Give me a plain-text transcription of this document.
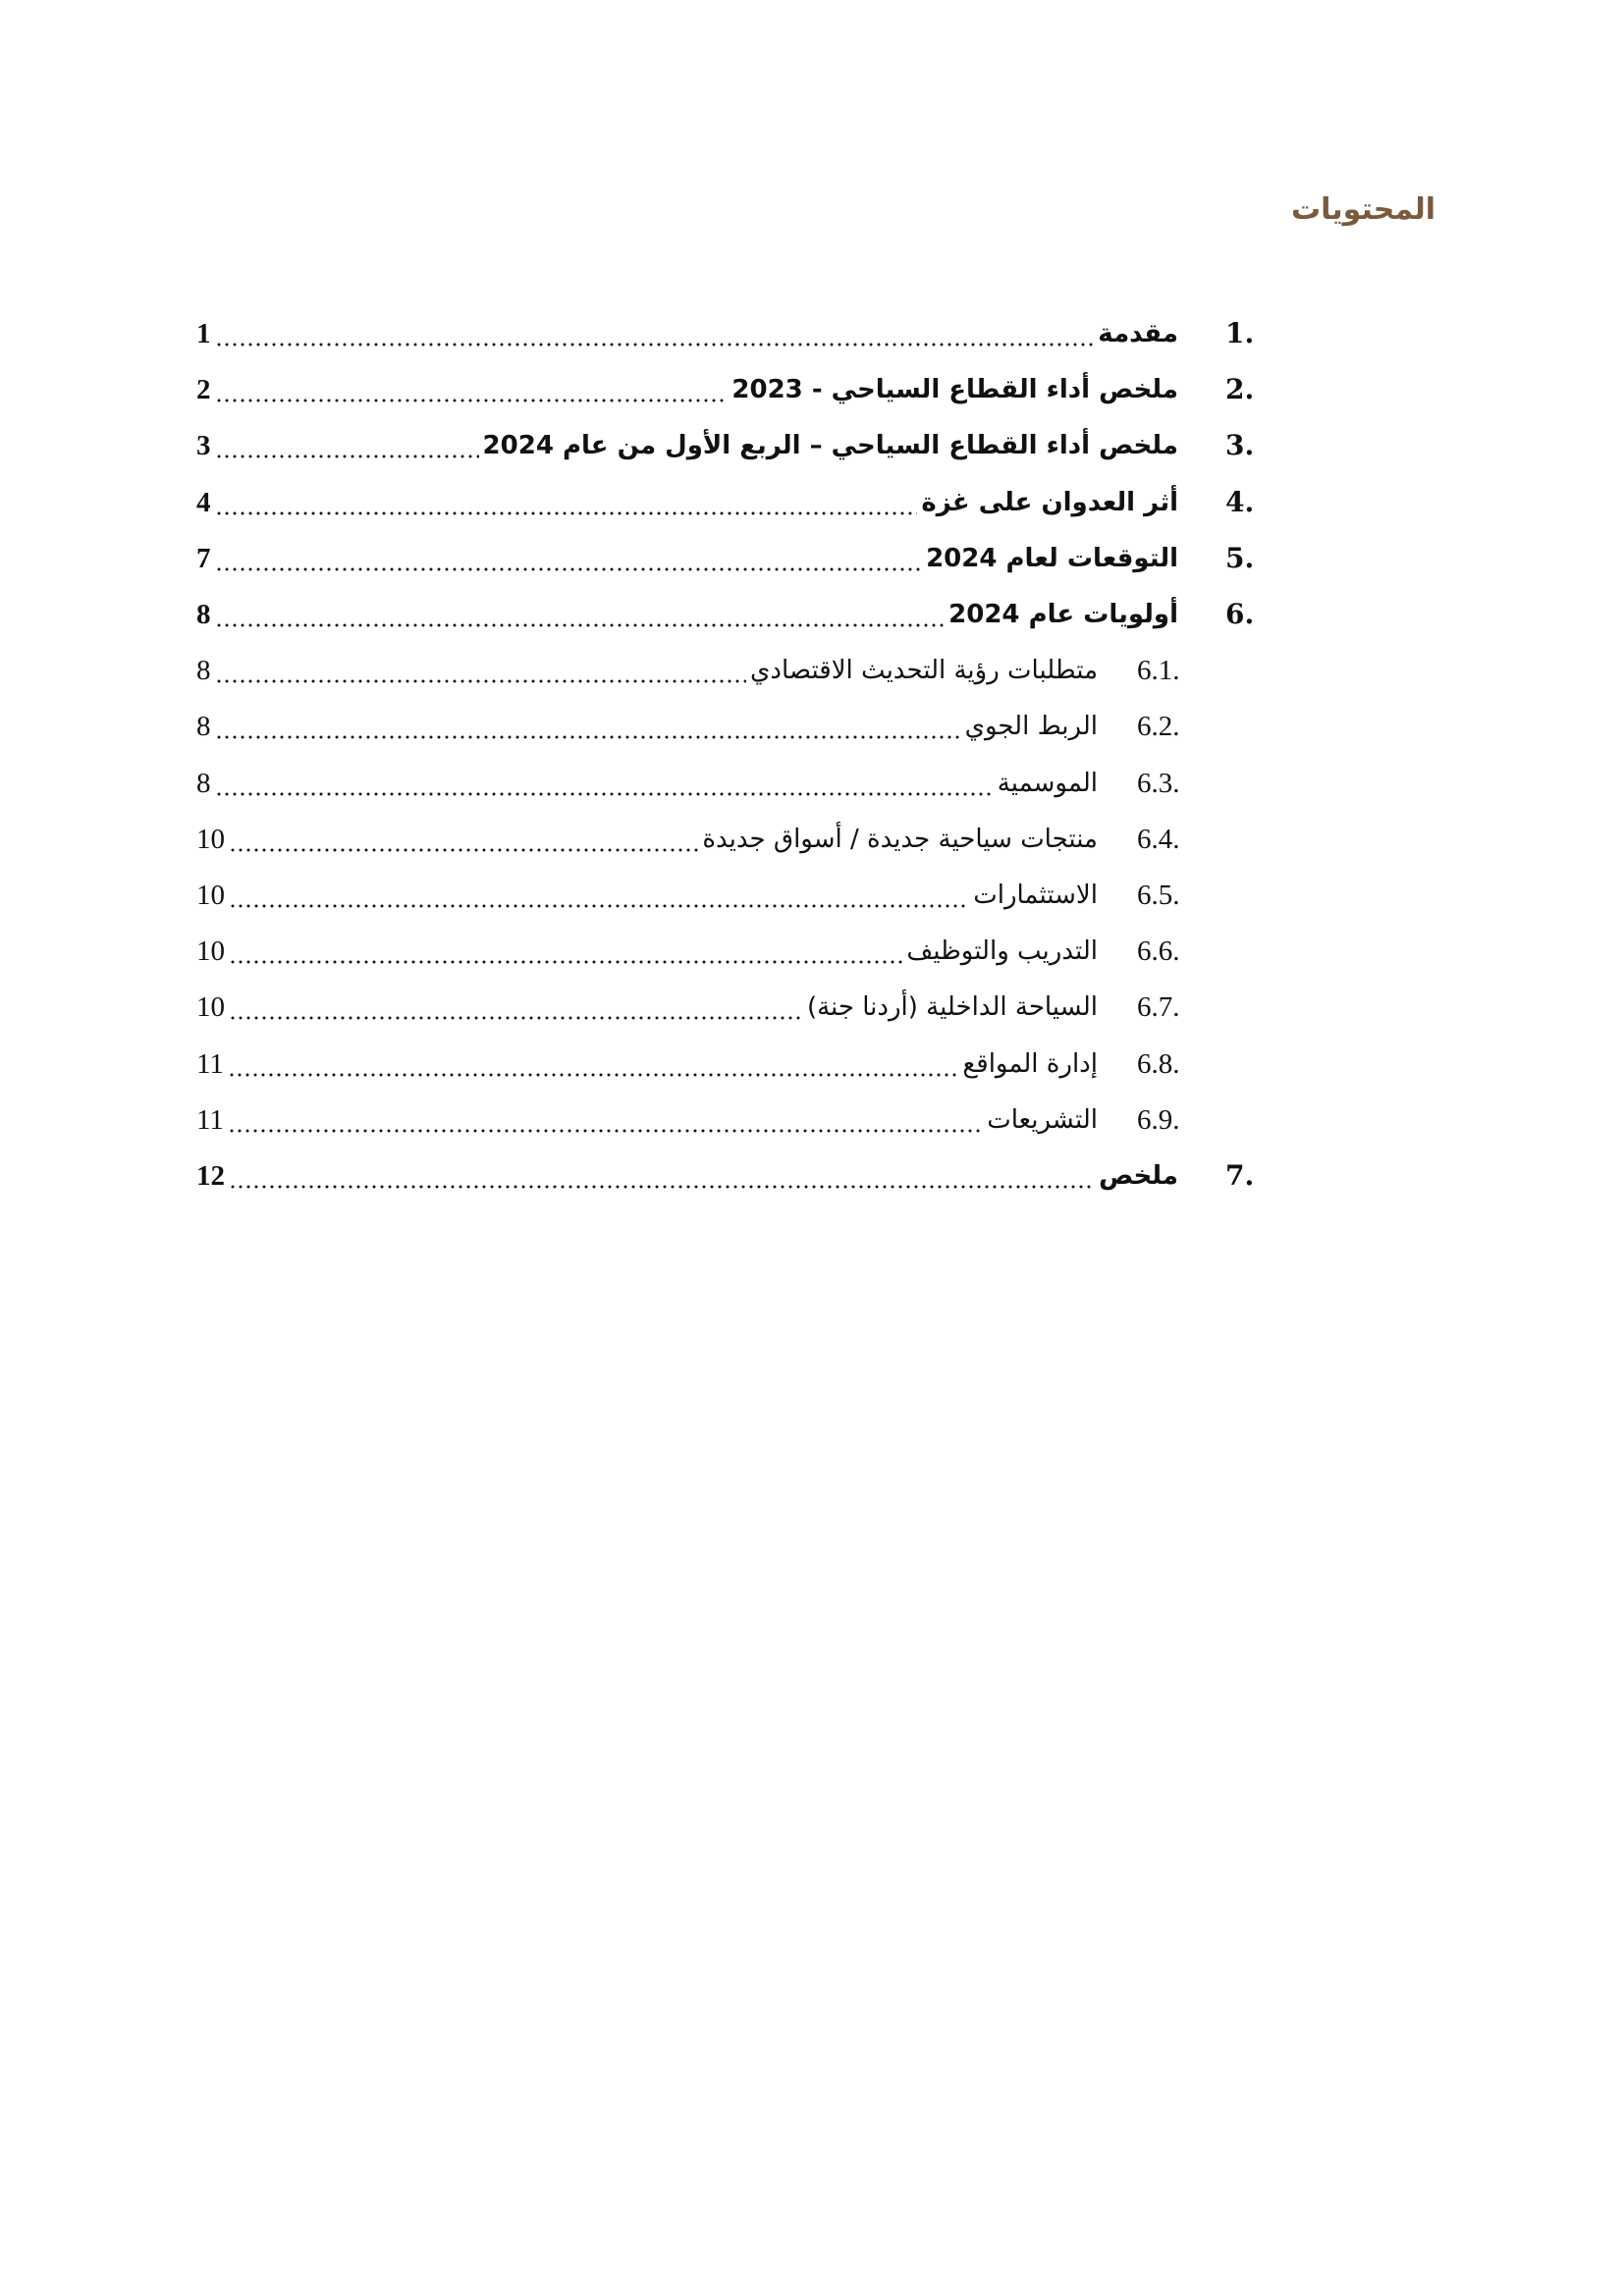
المحتويات
1.
مقدمة
1
2.
ملخص أداء القطاع السياحي - 2023
2
3.
ملخص أداء القطاع السياحي – الربع الأول من عام 2024
3
4.
أثر العدوان على غزة
4
5.
التوقعات لعام 2024
7
6.
أولويات عام 2024
8
6.1.
متطلبات رؤية التحديث الاقتصادي
8
6.2.
الربط الجوي
8
6.3.
الموسمية
8
6.4.
منتجات سياحية جديدة / أسواق جديدة
10
6.5.
الاستثمارات
10
6.6.
التدريب والتوظيف
10
6.7.
السياحة الداخلية (أردنا جنة)
10
6.8.
إدارة المواقع
11
6.9.
التشريعات
11
7.
ملخص
12
